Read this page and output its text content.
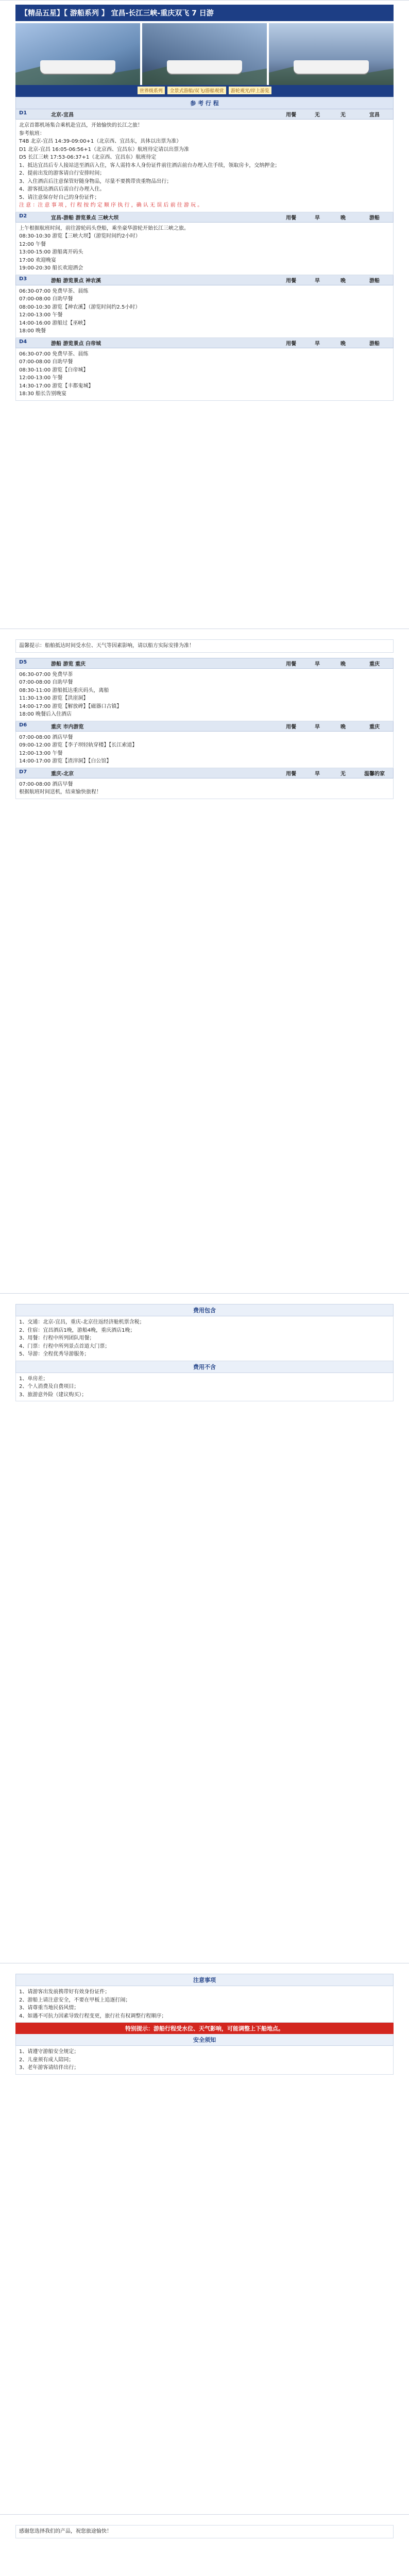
【精品五星】【 游船系列 】 宜昌-长江三峡-重庆双飞 7 日游
世界级系列 全景式游船/双飞/游船观赏 游轮观光/岸上游览
参 考 行 程
D1	北京-宜昌	用餐	无	无	宜昌

北京首都机场集合乘机赴宜昌，开始愉快的长江之旅！

参考航班：

T4B 北京-宜昌 14:39-09:00+1（北京西、宜昌东，具体以出票为准）

D1 北京-宜昌 16:05-06:56+1（北京西、宜昌东）航班待定请以出票为准

D5 长江三峡 17:53-06:37+1（北京西、宜昌东）航班待定

1、抵达宜昌后专人接站送至酒店入住，客人需持本人身份证件前往酒店前台办理入住手续，领取房卡，交纳押金；

2、提前出发的游客请自行安排时间；

3、入住酒店后注意保管好随身物品，尽量不要携带贵重物品出行；

4、游客抵达酒店后需自行办理入住。

5、请注意保存好自己的身份证件；

注 意 ：注 意 事 项 ，行 程 按 约 定 顺 序 执 行 ，确 认 无 误 后 前 往 游 玩 。

D2	宜昌-游船 游览景点 三峡大坝	用餐	早	晚	游船

上午根据航班时间，前往游轮码头登船，乘坐豪华游轮开始长江三峡之旅。

08:30-10:30 游览【三峡大坝】（游览时间约2小时）

12:00 午餐

13:00-15:00 游船离开码头

17:00 欢迎晚宴

19:00-20:30 船长欢迎酒会

D3	游船 游览景点 神农溪	用餐	早	晚	游船

06:30-07:00 免费早茶、晨练

07:00-08:00 自助早餐

08:00-10:30 游览【神农溪】（游览时间约2.5小时）

12:00-13:00 午餐

14:00-16:00 游船过【巫峡】

18:00 晚餐

D4	游船 游览景点 白帝城	用餐	早	晚	游船

06:30-07:00 免费早茶、晨练

07:00-08:00 自助早餐

08:30-11:00 游览【白帝城】

12:00-13:00 午餐

14:30-17:00 游览【丰都鬼城】

18:30 船长告别晚宴

温馨提示：船舶抵达时间受水位、天气等因素影响，请以船方实际安排为准！

D5	游船 游览 重庆	用餐	早	晚	重庆

06:30-07:00 免费早茶

07:00-08:00 自助早餐

08:30-11:00 游船抵达重庆码头，离船

11:30-13:00 游览【洪崖洞】

14:00-17:00 游览【解放碑】【磁器口古镇】

18:00 晚餐后入住酒店

D6	重庆 市内游览	用餐	早	晚	重庆

07:00-08:00 酒店早餐

09:00-12:00 游览【李子坝轻轨穿楼】【长江索道】

12:00-13:00 午餐

14:00-17:00 游览【渣滓洞】【白公馆】

D7	重庆-北京	用餐	早	无	温馨的家

07:00-08:00 酒店早餐

根据航班时间送机，结束愉快旅程！

费用包含

1、交通：北京-宜昌，重庆-北京往返经济舱机票含税；

2、住宿：宜昌酒店1晚，游船4晚，重庆酒店1晚；

3、用餐：行程中所列团队用餐；

4、门票：行程中所列景点首道大门票；

5、导游：全程优秀导游服务；

费用不含

1、单房差；

2、个人消费及自费项目；

3、旅游意外险（建议购买）；

注意事项

1、请游客出发前携带好有效身份证件；

2、游船上请注意安全，不要在甲板上追逐打闹；

3、请尊重当地民俗风情；

4、如遇不可抗力因素导致行程变更，旅行社有权调整行程顺序；

特别提示：游船行程受水位、天气影响，可能调整上下船地点。
安全须知

1、请遵守游船安全规定；

2、儿童须有成人陪同；

3、老年游客请结伴出行；

感谢您选择我们的产品，祝您旅途愉快！
